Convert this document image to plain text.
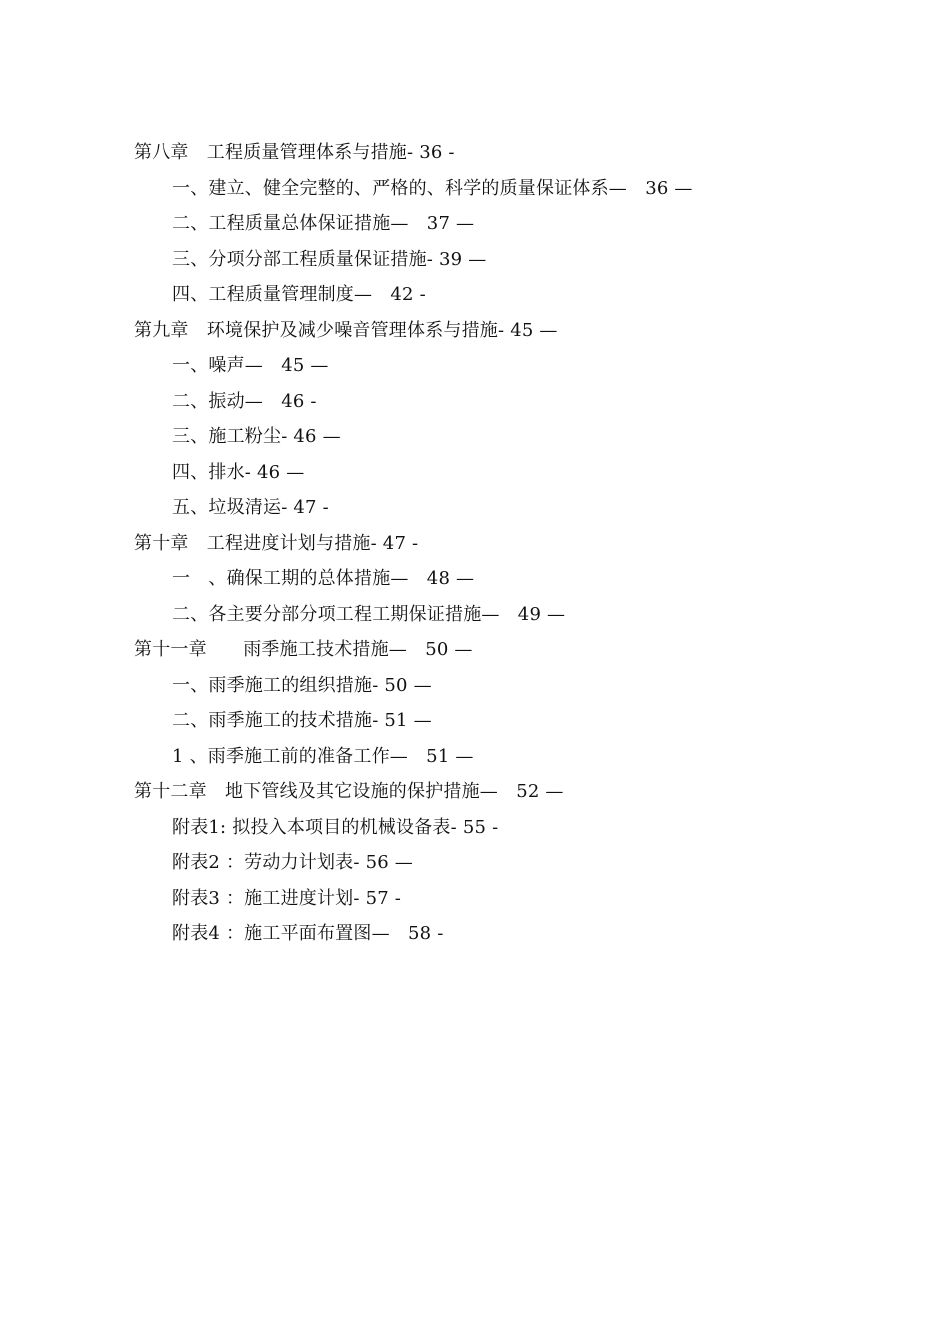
第八章　工程质量管理体系与措施- 36 -
一、建立、健全完整的、严格的、科学的质量保证体系—　36 —
二、工程质量总体保证措施—　37 —
三、分项分部工程质量保证措施- 39 —
四、工程质量管理制度—　42 -
第九章　环境保护及减少噪音管理体系与措施- 45 —
一、噪声—　45 —
二、振动—　46 -
三、施工粉尘- 46 —
四、排水- 46 —
五、垃圾清运- 47 -
第十章　工程进度计划与措施- 47 -
一　、确保工期的总体措施—　48 —
二、各主要分部分项工程工期保证措施—　49 —
第十一章　　雨季施工技术措施—　50 —
一、雨季施工的组织措施- 50 —
二、雨季施工的技术措施- 51 —
1 、雨季施工前的准备工作—　51 —
第十二章　地下管线及其它设施的保护措施—　52 —
附表1: 拟投入本项目的机械设备表- 55 -
附表2 ：劳动力计划表- 56 —
附表3 ：施工进度计划- 57 -
附表4 ：施工平面布置图—　58 -
